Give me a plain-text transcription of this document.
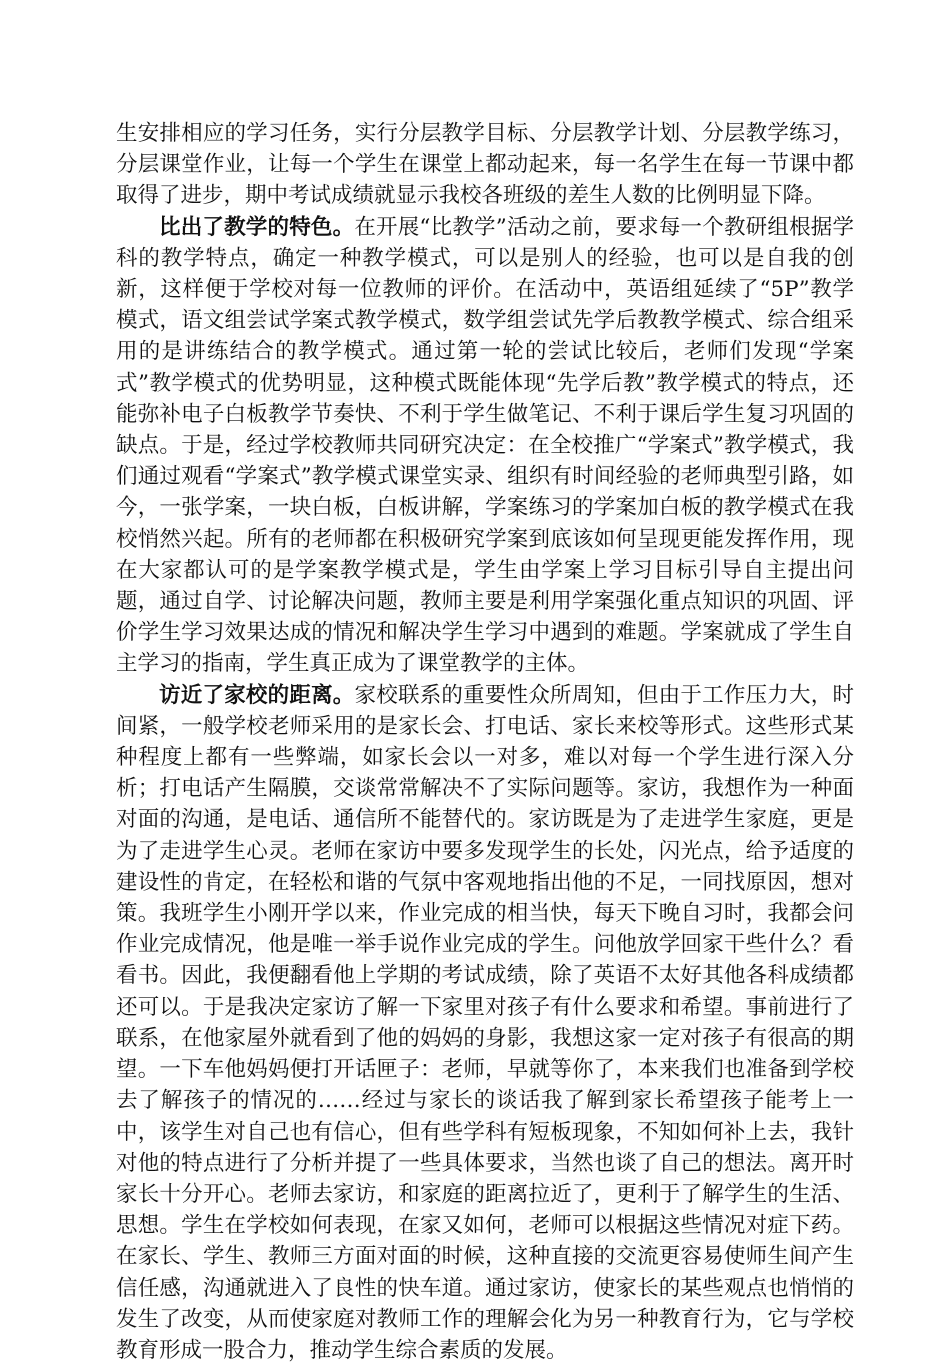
生安排相应的学习任务，实行分层教学目标、分层教学计划、分层教学练习，分层课堂作业，让每一个学生在课堂上都动起来，每一名学生在每一节课中都取得了进步，期中考试成绩就显示我校各班级的差生人数的比例明显下降。

比出了教学的特色。在开展“比教学”活动之前，要求每一个教研组根据学科的教学特点，确定一种教学模式，可以是别人的经验，也可以是自我的创新，这样便于学校对每一位教师的评价。在活动中，英语组延续了“5P”教学模式，语文组尝试学案式教学模式，数学组尝试先学后教教学模式、综合组采用的是讲练结合的教学模式。通过第一轮的尝试比较后，老师们发现“学案式”教学模式的优势明显，这种模式既能体现“先学后教”教学模式的特点，还能弥补电子白板教学节奏快、不利于学生做笔记、不利于课后学生复习巩固的缺点。于是，经过学校教师共同研究决定：在全校推广“学案式”教学模式，我们通过观看“学案式”教学模式课堂实录、组织有时间经验的老师典型引路，如今，一张学案，一块白板，白板讲解，学案练习的学案加白板的教学模式在我校悄然兴起。所有的老师都在积极研究学案到底该如何呈现更能发挥作用，现在大家都认可的是学案教学模式是，学生由学案上学习目标引导自主提出问题，通过自学、讨论解决问题，教师主要是利用学案强化重点知识的巩固、评价学生学习效果达成的情况和解决学生学习中遇到的难题。学案就成了学生自主学习的指南，学生真正成为了课堂教学的主体。

访近了家校的距离。家校联系的重要性众所周知，但由于工作压力大，时间紧，一般学校老师采用的是家长会、打电话、家长来校等形式。这些形式某种程度上都有一些弊端，如家长会以一对多，难以对每一个学生进行深入分析；打电话产生隔膜，交谈常常解决不了实际问题等。家访，我想作为一种面对面的沟通，是电话、通信所不能替代的。家访既是为了走进学生家庭，更是为了走进学生心灵。老师在家访中要多发现学生的长处，闪光点，给予适度的建设性的肯定，在轻松和谐的气氛中客观地指出他的不足，一同找原因，想对策。我班学生小刚开学以来，作业完成的相当快，每天下晚自习时，我都会问作业完成情况，他是唯一举手说作业完成的学生。问他放学回家干些什么？看看书。因此，我便翻看他上学期的考试成绩，除了英语不太好其他各科成绩都还可以。于是我决定家访了解一下家里对孩子有什么要求和希望。事前进行了联系，在他家屋外就看到了他的妈妈的身影，我想这家一定对孩子有很高的期望。一下车他妈妈便打开话匣子：老师，早就等你了，本来我们也准备到学校去了解孩子的情况的……经过与家长的谈话我了解到家长希望孩子能考上一中，该学生对自己也有信心，但有些学科有短板现象，不知如何补上去，我针对他的特点进行了分析并提了一些具体要求，当然也谈了自己的想法。离开时家长十分开心。老师去家访，和家庭的距离拉近了，更利于了解学生的生活、思想。学生在学校如何表现，在家又如何，老师可以根据这些情况对症下药。在家长、学生、教师三方面对面的时候，这种直接的交流更容易使师生间产生信任感，沟通就进入了良性的快车道。通过家访，使家长的某些观点也悄悄的发生了改变，从而使家庭对教师工作的理解会化为另一种教育行为，它与学校教育形成一股合力，推动学生综合素质的发展。
